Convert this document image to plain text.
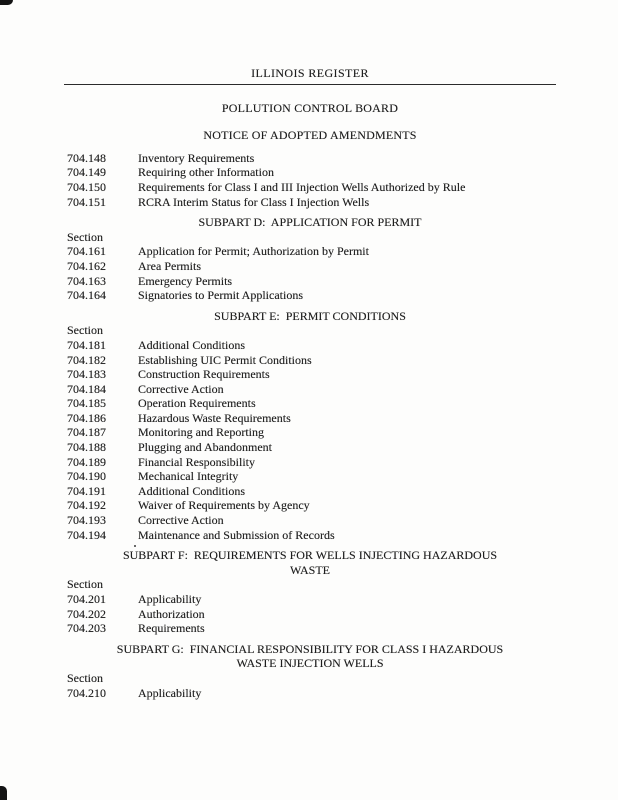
ILLINOIS REGISTER
POLLUTION CONTROL BOARD
NOTICE OF ADOPTED AMENDMENTS
704.148	Inventory Requirements
704.149	Requiring other Information
704.150	Requirements for Class I and III Injection Wells Authorized by Rule
704.151	RCRA Interim Status for Class I Injection Wells
SUBPART D:  APPLICATION FOR PERMIT
Section
704.161	Application for Permit; Authorization by Permit
704.162	Area Permits
704.163	Emergency Permits
704.164	Signatories to Permit Applications
SUBPART E:  PERMIT CONDITIONS
Section
704.181	Additional Conditions
704.182	Establishing UIC Permit Conditions
704.183	Construction Requirements
704.184	Corrective Action
704.185	Operation Requirements
704.186	Hazardous Waste Requirements
704.187	Monitoring and Reporting
704.188	Plugging and Abandonment
704.189	Financial Responsibility
704.190	Mechanical Integrity
704.191	Additional Conditions
704.192	Waiver of Requirements by Agency
704.193	Corrective Action
704.194	Maintenance and Submission of Records
SUBPART F:  REQUIREMENTS FOR WELLS INJECTING HAZARDOUS
WASTE
Section
704.201	Applicability
704.202	Authorization
704.203	Requirements
SUBPART G:  FINANCIAL RESPONSIBILITY FOR CLASS I HAZARDOUS
WASTE INJECTION WELLS
Section
704.210	Applicability
